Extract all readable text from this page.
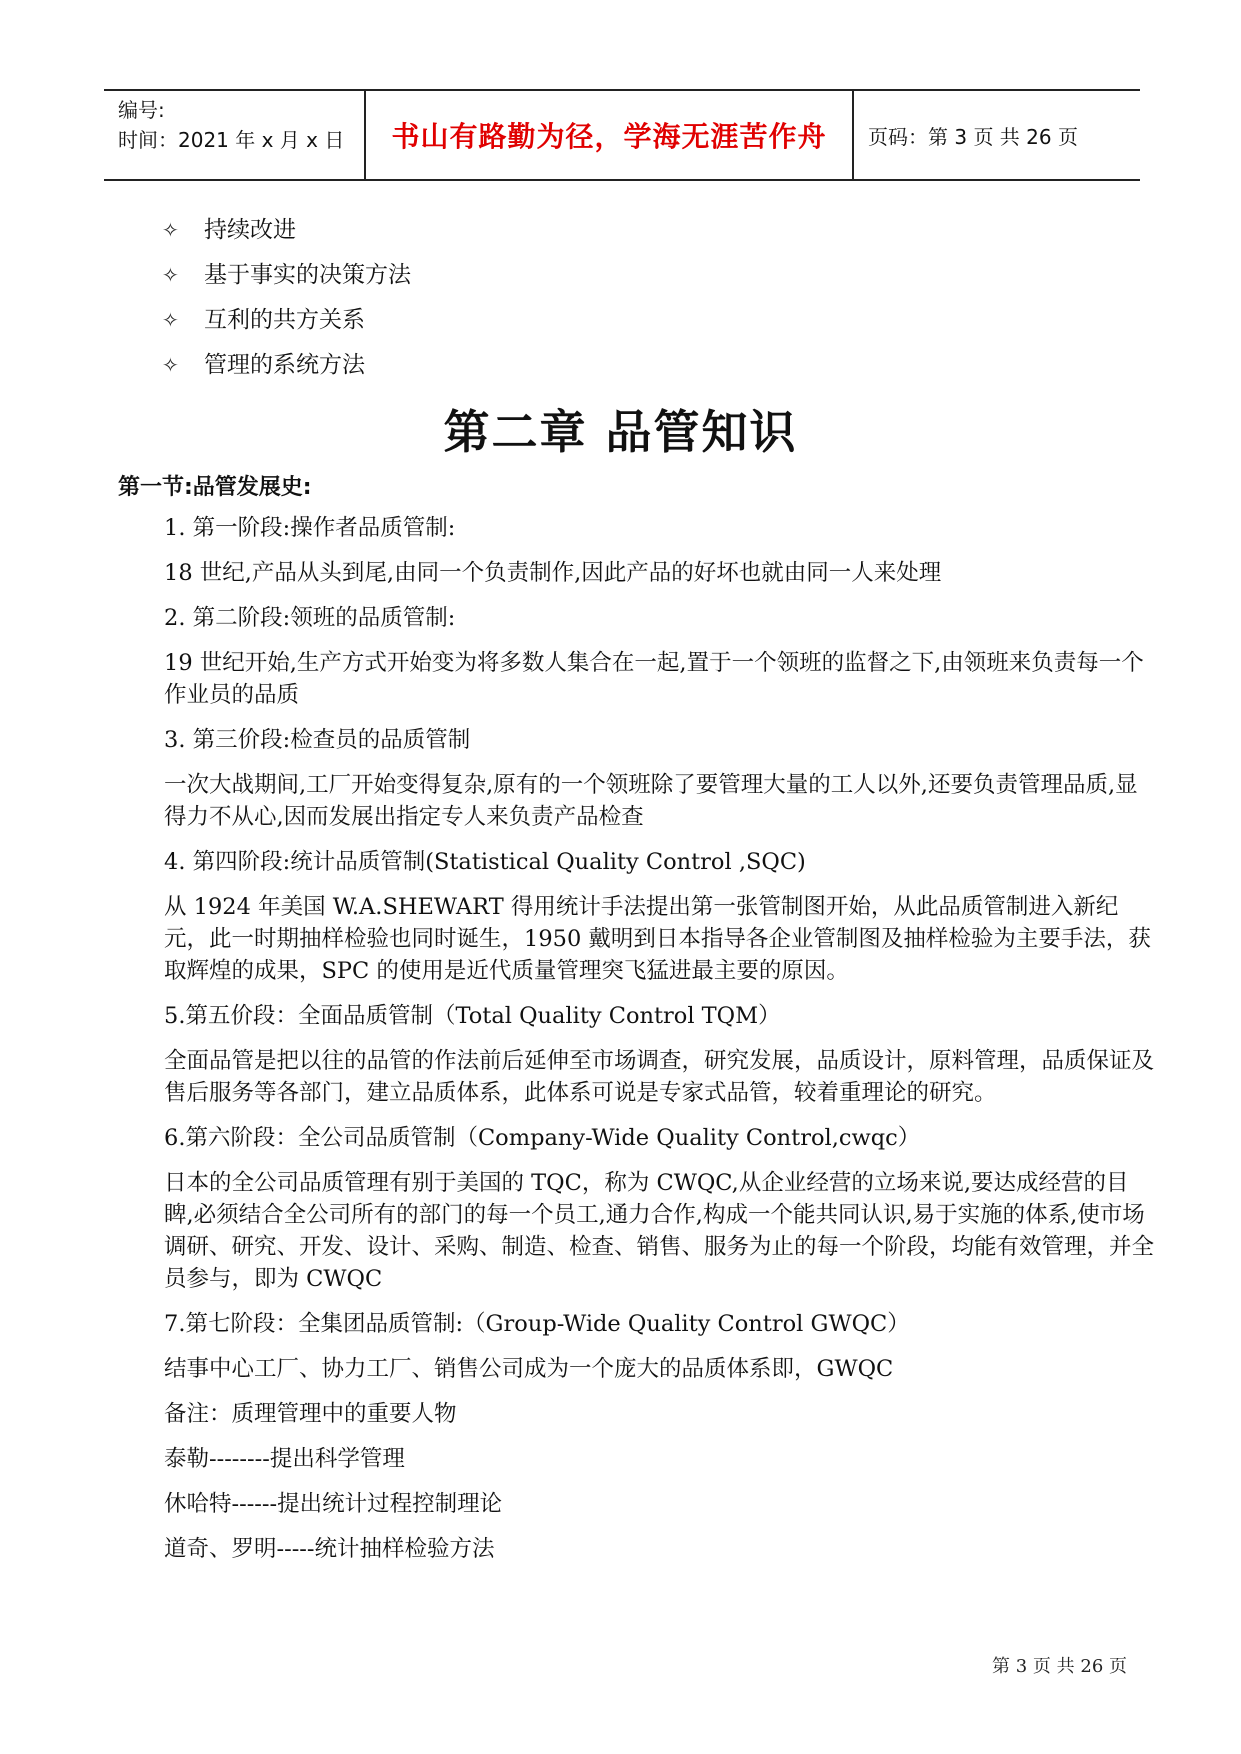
编号:
时间：2021 年 x 月 x 日	书山有路勤为径，学海无涯苦作舟	页码：第 3 页 共 26 页
✧	持续改进
✧	基于事实的决策方法
✧	互利的共方关系
✧	管理的系统方法
第二章 品管知识
第一节:品管发展史:

1. 第一阶段:操作者品质管制:

18 世纪,产品从头到尾,由同一个负责制作,因此产品的好坏也就由同一人来处理

2. 第二阶段:领班的品质管制:

19 世纪开始,生产方式开始变为将多数人集合在一起,置于一个领班的监督之下,由领班来负责每一个作业员的品质

3. 第三价段:检查员的品质管制

一次大战期间,工厂开始变得复杂,原有的一个领班除了要管理大量的工人以外,还要负责管理品质,显得力不从心,因而发展出指定专人来负责产品检查

4. 第四阶段:统计品质管制(Statistical Quality Control ,SQC)

从 1924 年美国 W.A.SHEWART 得用统计手法提出第一张管制图开始，从此品质管制进入新纪元，此一时期抽样检验也同时诞生，1950 戴明到日本指导各企业管制图及抽样检验为主要手法，获取辉煌的成果，SPC 的使用是近代质量管理突飞猛进最主要的原因。

5.第五价段：全面品质管制（Total Quality Control TQM）

全面品管是把以往的品管的作法前后延伸至市场调查，研究发展，品质设计，原料管理，品质保证及售后服务等各部门，建立品质体系，此体系可说是专家式品管，较着重理论的研究。

6.第六阶段：全公司品质管制（Company-Wide Quality Control,cwqc）

日本的全公司品质管理有别于美国的 TQC，称为 CWQC,从企业经营的立场来说,要达成经营的目睥,必须结合全公司所有的部门的每一个员工,通力合作,构成一个能共同认识,易于实施的体系,使市场调研、研究、开发、设计、采购、制造、检查、销售、服务为止的每一个阶段，均能有效管理，并全员参与，即为 CWQC

7.第七阶段：全集团品质管制:（Group-Wide Quality Control GWQC）

结事中心工厂、协力工厂、销售公司成为一个庞大的品质体系即，GWQC

备注：质理管理中的重要人物

泰勒--------提出科学管理

休哈特------提出统计过程控制理论

道奇、罗明-----统计抽样检验方法

第 3 页 共 26 页
